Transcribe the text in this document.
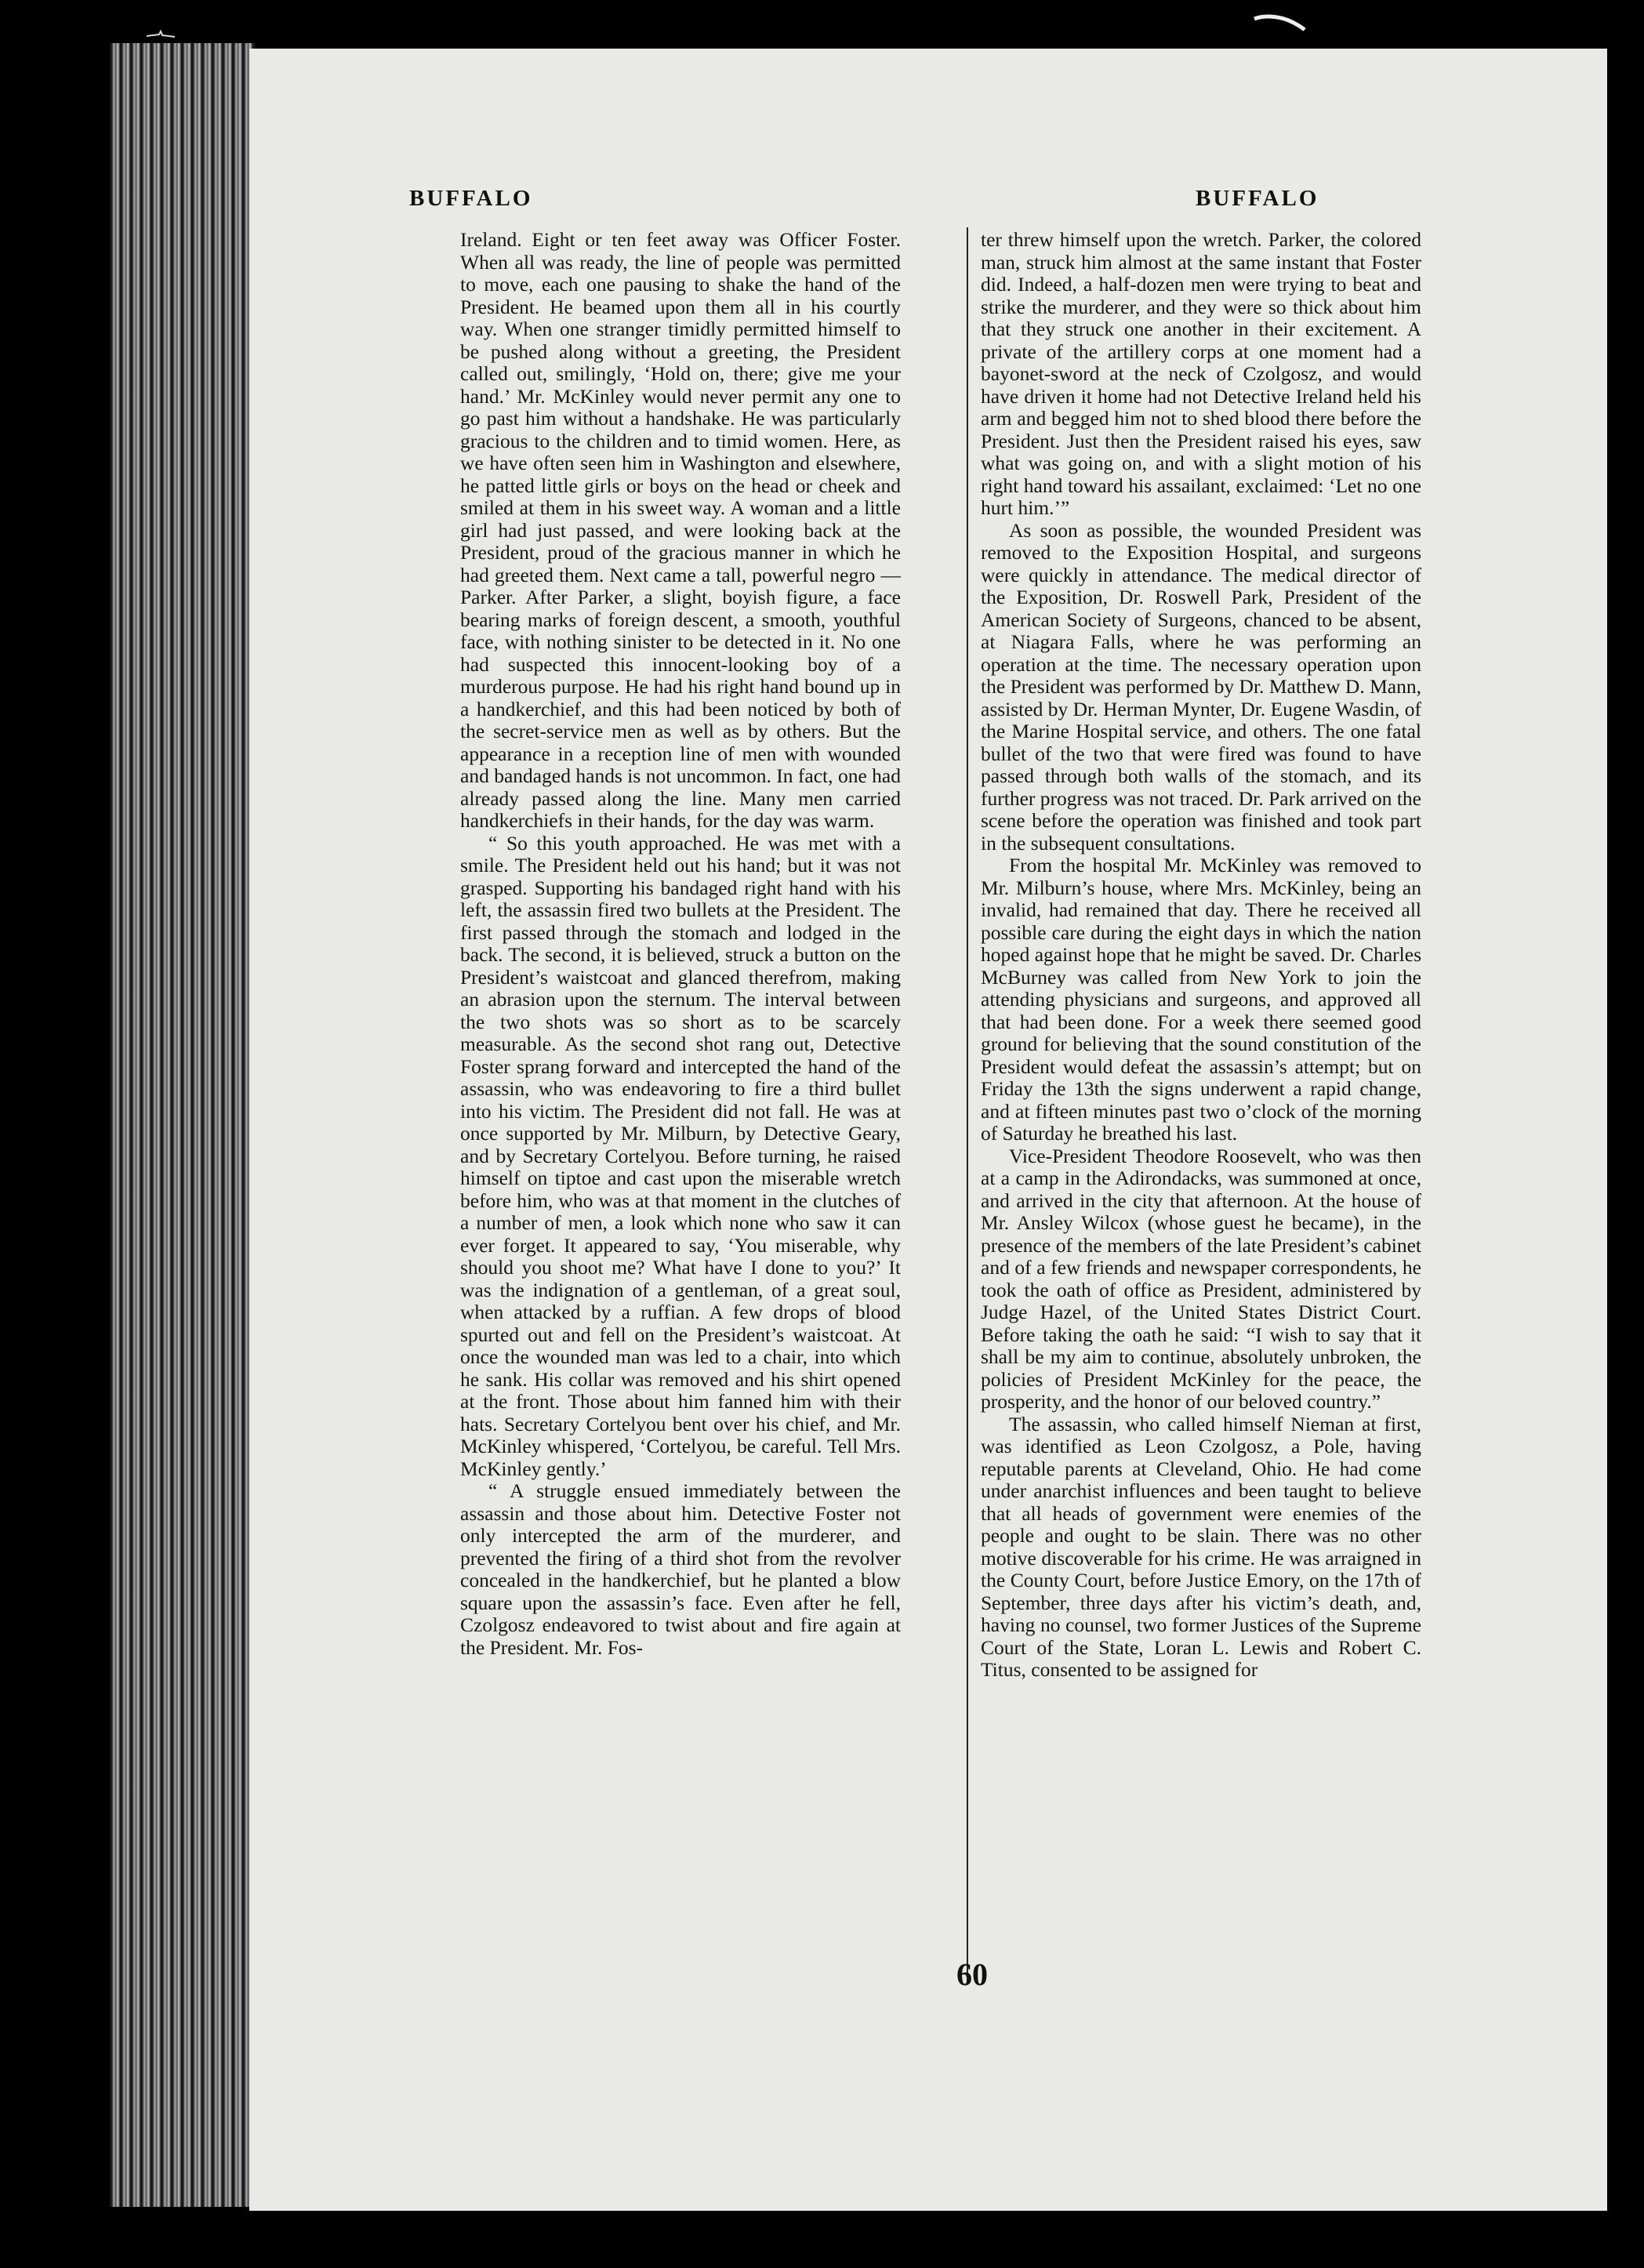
BUFFALO	BUFFALO

Ireland. Eight or ten feet away was Officer Foster. When all was ready, the line of people was permitted to move, each one pausing to shake the hand of the President. He beamed upon them all in his courtly way. When one stranger timidly permitted himself to be pushed along without a greeting, the President called out, smilingly, ‘Hold on, there; give me your hand.’ Mr. McKinley would never permit any one to go past him without a handshake. He was particularly gracious to the children and to timid women. Here, as we have often seen him in Washington and elsewhere, he patted little girls or boys on the head or cheek and smiled at them in his sweet way. A woman and a little girl had just passed, and were looking back at the President, proud of the gracious manner in which he had greeted them. Next came a tall, powerful negro — Parker. After Parker, a slight, boyish figure, a face bearing marks of foreign descent, a smooth, youthful face, with nothing sinister to be detected in it. No one had suspected this innocent-looking boy of a murderous purpose. He had his right hand bound up in a handkerchief, and this had been noticed by both of the secret-service men as well as by others. But the appearance in a reception line of men with wounded and bandaged hands is not uncommon. In fact, one had already passed along the line. Many men carried handkerchiefs in their hands, for the day was warm.

“ So this youth approached. He was met with a smile. The President held out his hand; but it was not grasped. Supporting his bandaged right hand with his left, the assassin fired two bullets at the President. The first passed through the stomach and lodged in the back. The second, it is believed, struck a button on the President’s waistcoat and glanced therefrom, making an abrasion upon the sternum. The interval between the two shots was so short as to be scarcely measurable. As the second shot rang out, Detective Foster sprang forward and intercepted the hand of the assassin, who was endeavoring to fire a third bullet into his victim. The President did not fall. He was at once supported by Mr. Milburn, by Detective Geary, and by Secretary Cortelyou. Before turning, he raised himself on tiptoe and cast upon the miserable wretch before him, who was at that moment in the clutches of a number of men, a look which none who saw it can ever forget. It appeared to say, ‘You miserable, why should you shoot me? What have I done to you?’ It was the indignation of a gentleman, of a great soul, when attacked by a ruffian. A few drops of blood spurted out and fell on the President’s waistcoat. At once the wounded man was led to a chair, into which he sank. His collar was removed and his shirt opened at the front. Those about him fanned him with their hats. Secretary Cortelyou bent over his chief, and Mr. McKinley whispered, ‘Cortelyou, be careful. Tell Mrs. McKinley gently.’

“ A struggle ensued immediately between the assassin and those about him. Detective Foster not only intercepted the arm of the murderer, and prevented the firing of a third shot from the revolver concealed in the handkerchief, but he planted a blow square upon the assassin’s face. Even after he fell, Czolgosz endeavored to twist about and fire again at the President. Mr. Fos-

ter threw himself upon the wretch. Parker, the colored man, struck him almost at the same instant that Foster did. Indeed, a half-dozen men were trying to beat and strike the murderer, and they were so thick about him that they struck one another in their excitement. A private of the artillery corps at one moment had a bayonet-sword at the neck of Czolgosz, and would have driven it home had not Detective Ireland held his arm and begged him not to shed blood there before the President. Just then the President raised his eyes, saw what was going on, and with a slight motion of his right hand toward his assailant, exclaimed: ‘Let no one hurt him.’”

As soon as possible, the wounded President was removed to the Exposition Hospital, and surgeons were quickly in attendance. The medical director of the Exposition, Dr. Roswell Park, President of the American Society of Surgeons, chanced to be absent, at Niagara Falls, where he was performing an operation at the time. The necessary operation upon the President was performed by Dr. Matthew D. Mann, assisted by Dr. Herman Mynter, Dr. Eugene Wasdin, of the Marine Hospital service, and others. The one fatal bullet of the two that were fired was found to have passed through both walls of the stomach, and its further progress was not traced. Dr. Park arrived on the scene before the operation was finished and took part in the subsequent consultations.

From the hospital Mr. McKinley was removed to Mr. Milburn’s house, where Mrs. McKinley, being an invalid, had remained that day. There he received all possible care during the eight days in which the nation hoped against hope that he might be saved. Dr. Charles McBurney was called from New York to join the attending physicians and surgeons, and approved all that had been done. For a week there seemed good ground for believing that the sound constitution of the President would defeat the assassin’s attempt; but on Friday the 13th the signs underwent a rapid change, and at fifteen minutes past two o’clock of the morning of Saturday he breathed his last.

Vice-President Theodore Roosevelt, who was then at a camp in the Adirondacks, was summoned at once, and arrived in the city that afternoon. At the house of Mr. Ansley Wilcox (whose guest he became), in the presence of the members of the late President’s cabinet and of a few friends and newspaper correspondents, he took the oath of office as President, administered by Judge Hazel, of the United States District Court. Before taking the oath he said: “I wish to say that it shall be my aim to continue, absolutely unbroken, the policies of President McKinley for the peace, the prosperity, and the honor of our beloved country.”

The assassin, who called himself Nieman at first, was identified as Leon Czolgosz, a Pole, having reputable parents at Cleveland, Ohio. He had come under anarchist influences and been taught to believe that all heads of government were enemies of the people and ought to be slain. There was no other motive discoverable for his crime. He was arraigned in the County Court, before Justice Emory, on the 17th of September, three days after his victim’s death, and, having no counsel, two former Justices of the Supreme Court of the State, Loran L. Lewis and Robert C. Titus, consented to be assigned for

60
